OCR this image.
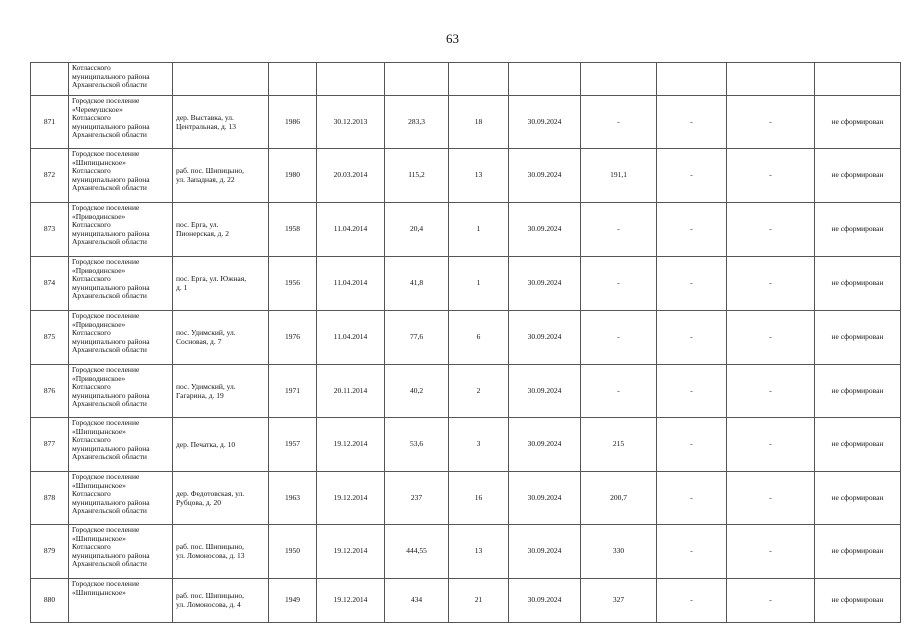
63

	Котласского
муниципального района
Архангельской области										

871	Городское поселение
«Черемушское»
Котласского
муниципального района
Архангельской области	дер. Выставка, ул.
Центральная, д. 13	1986	30.12.2013	283,3	18	30.09.2024	-	-	-	не сформирован
872	Городское поселение
«Шипицынское»
Котласского
муниципального района
Архангельской области	раб. пос. Шипицыно,
ул. Западная, д. 22	1980	20.03.2014	115,2	13	30.09.2024	191,1	-	-	не сформирован
873	Городское поселение
«Приводинское»
Котласского
муниципального района
Архангельской области	пос. Ерга, ул.
Пионерская, д. 2	1958	11.04.2014	20,4	1	30.09.2024	-	-	-	не сформирован
874	Городское поселение
«Приводинское»
Котласского
муниципального района
Архангельской области	пос. Ерга, ул. Южная,
д. 1	1956	11.04.2014	41,8	1	30.09.2024	-	-	-	не сформирован
875	Городское поселение
«Приводинское»
Котласского
муниципального района
Архангельской области	пос. Удимский, ул.
Сосновая, д. 7	1976	11.04.2014	77,6	6	30.09.2024	-	-	-	не сформирован
876	Городское поселение
«Приводинское»
Котласского
муниципального района
Архангельской области	пос. Удимский, ул.
Гагарина, д. 19	1971	20.11.2014	40,2	2	30.09.2024	-	-	-	не сформирован
877	Городское поселение
«Шипицынское»
Котласского
муниципального района
Архангельской области	дер. Печатка, д. 10	1957	19.12.2014	53,6	3	30.09.2024	215	-	-	не сформирован
878	Городское поселение
«Шипицынское»
Котласского
муниципального района
Архангельской области	дер. Федотовская, ул.
Рубцова, д. 20	1963	19.12.2014	237	16	30.09.2024	200,7	-	-	не сформирован
879	Городское поселение
«Шипицынское»
Котласского
муниципального района
Архангельской области	раб. пос. Шипицыно,
ул. Ломоносова, д. 13	1950	19.12.2014	444,55	13	30.09.2024	330	-	-	не сформирован
880	Городское поселение
«Шипицынское»	раб. пос. Шипицыно,
ул. Ломоносова, д. 4	1949	19.12.2014	434	21	30.09.2024	327	-	-	не сформирован
